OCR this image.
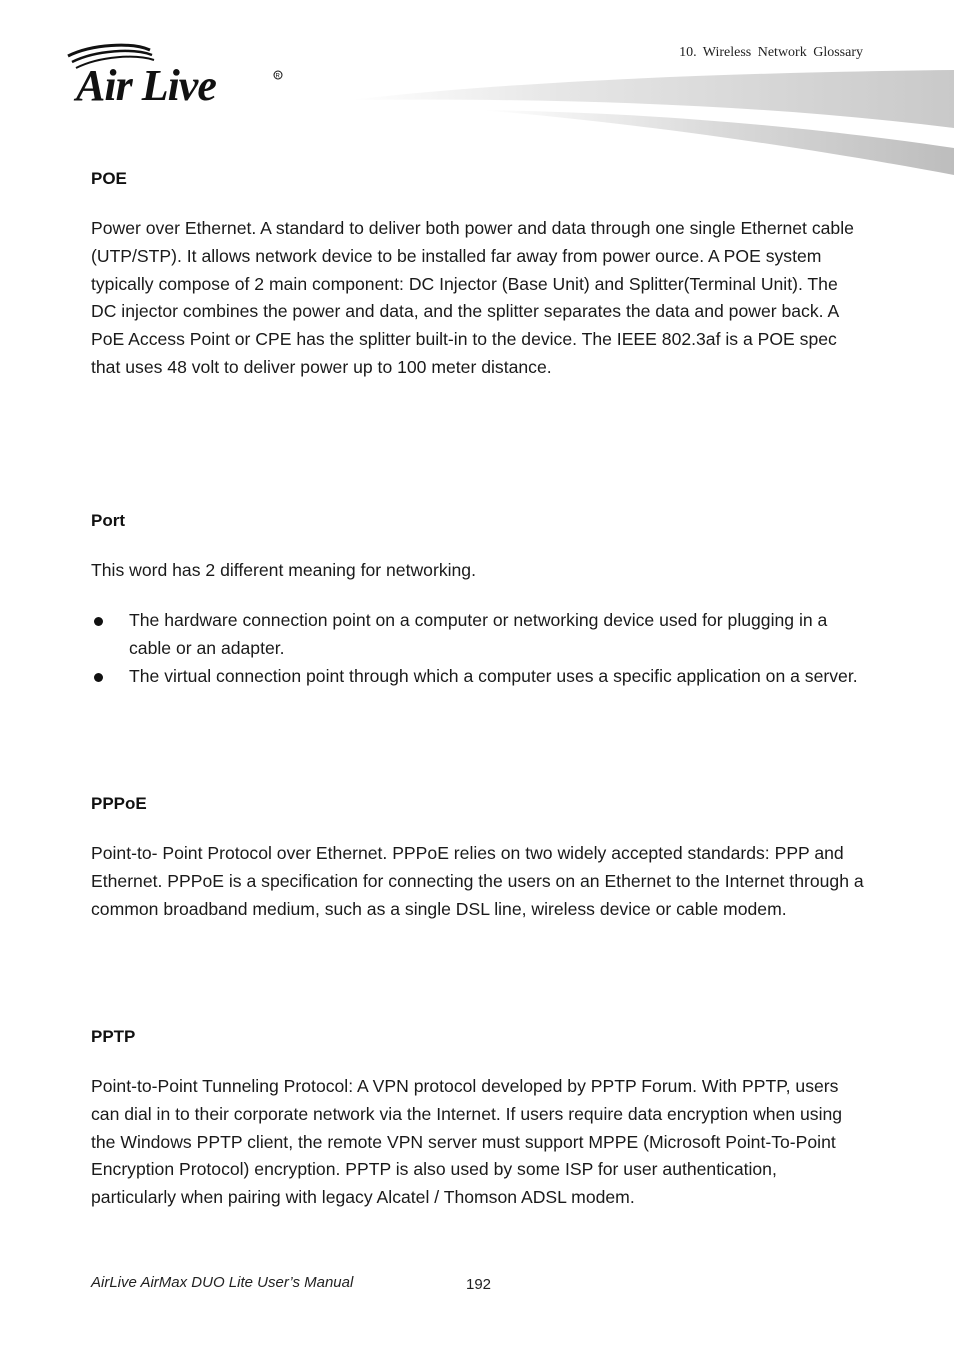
10. Wireless Network Glossary
Air Live	R
POE
Power over Ethernet. A standard to deliver both power and data through one single Ethernet cable (UTP/STP). It allows network device to be installed far away from power ource. A POE system typically compose of 2 main component: DC Injector (Base Unit) and Splitter(Terminal Unit). The DC injector combines the power and data, and the splitter separates the data and power back. A PoE Access Point or CPE has the splitter built-in to the device. The IEEE 802.3af is a POE spec that uses 48 volt to deliver power up to 100 meter distance.
Port
This word has 2 different meaning for networking.
The hardware connection point on a computer or networking device used for plugging in a cable or an adapter.
The virtual connection point through which a computer uses a specific application on a server.
PPPoE
Point-to- Point Protocol over Ethernet. PPPoE relies on two widely accepted standards: PPP and Ethernet. PPPoE is a specification for connecting the users on an Ethernet to the Internet through a common broadband medium, such as a single DSL line, wireless device or cable modem.
PPTP
Point-to-Point Tunneling Protocol: A VPN protocol developed by PPTP Forum. With PPTP, users can dial in to their corporate network via the Internet. If users require data encryption when using the Windows PPTP client, the remote VPN server must support MPPE (Microsoft Point-To-Point Encryption Protocol) encryption. PPTP is also used by some ISP for user authentication, particularly when pairing with legacy Alcatel / Thomson ADSL modem.
AirLive AirMax DUO Lite User’s Manual	192
